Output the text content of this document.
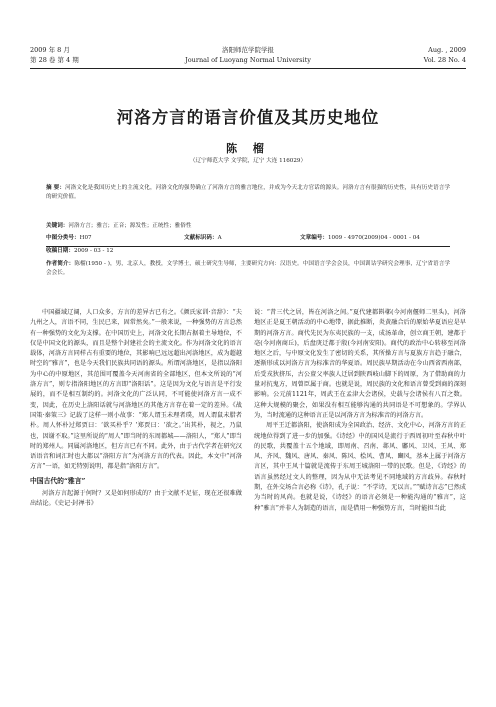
2009 年 8 月	洛阳师范学院学报	Aug. , 2009
第 28 卷 第 4 期	Journal of Luoyang Normal University	Vol. 28 No. 4
河洛方言的语言价值及其历史地位
陈 榴
（辽宁师范大学 文学院，辽宁 大连 116029）
摘 要：河洛文化是我国历史上的主流文化，河洛文化的强势确立了河洛方言的雅言地位，并成为今天北方官话的源头。河洛方言有很强的历史性，具有历史语言学的研究价值。
关键词：河洛方言；雅言；正音；源发性；正统性；雅俗性
中图分类号： H07	文献标识码： A	文章编号： 1009 - 4970(2009)04 - 0001 - 04
收稿日期： 2009 - 03 - 12
作者简介：陈榴(1950 - )，男，北京人，教授，文学博士，硕士研究生导师，主要研究方向：汉语史。中国语言学会会员，中国训诂学研究会理事，辽宁省语言学会会长。

中国疆域辽阔，人口众多，方言的差异古已有之。《颜氏家训·音辞》：“夫九州之人，言语不同，生民已来，固常然矣。”一般来说，一种强势的方言总然有一种强势的文化为支撑。在中国历史上，河洛文化长期占据着主导地位，不仅是中国文化的源头，而且是整个封建社会的主流文化。作为河洛文化的语言载体，河洛方言同样占有重要的地位，其影响已远远超出河洛地区，成为超越时空的“雅言”，也是今天我们民族共同语的源头。所谓河洛地区，是指以洛阳为中心的中原地区，其范围可覆盖今天河南省的全部地区，但本文所说的“河洛方言”，则专指洛阳地区的方言即“洛阳话”。这是因为文化与语言是平行发展的，而不是相互制约的。河洛文化的广泛认同，不可能使河洛方言一成不变，因此，在历史上洛阳话就与河洛地区的其他方言存在着一定的差异。《战国策·秦策三》记载了这样一则小故事：“郑人谓玉未理者璞，周人谓鼠未腊者朴。周人怀朴过郑贾曰：‘欲买朴乎？’郑贾曰：‘欲之。’出其朴，视之，乃鼠也，因谢不取。”这里所说的“周人”即当时的东周都城——洛阳人，“郑人”即当时的郑州人。同属河洛地区，但方言已有不同。此外，由于古代学者在研究汉语语音和词汇时也大都以“洛阳方言”为河洛方言的代表。因此，本文中“河洛方言”一语，如无特别说明，都是指“洛阳方言”。

中国古代的“雅言”

河洛方言起源于何时？又是如何形成的？由于文献不足征，现在还很难做出结论。《史记·封禅书》

说：“昔三代之居，皆在河洛之间。”夏代建都斟鄩(今河南偃师二里头)，河洛地区正是夏王朝活动的中心地带，据此推断，炎黄融合后的原始华夏语应是早期的河洛方言。商代先民为东夷民族的一支，成汤革命，创立商王朝，建都于亳(今河南商丘)，后盘庚迁都于殷(今河南安阳)。商代的政治中心转移至河洛地区之后，与中原文化发生了密切的关系，其所操方言与夏族方言趋于融合，逐渐形成以河洛方言为标准音的华夏语。周民族早期活动在今山西省西南部，后受戎狄挤压，古公亶父率族人迁居到陕西岐山脚下的周原，为了借助商的力量对抗鬼方，周曾臣属于商。也就是说，周民族的文化和语言曾受到商的深刻影响。公元前1121年，周武王在孟津大会诸侯，史载与会诸侯有八百之数。这种大规模的聚会，如果没有相互能够沟通的共同语是不可想象的。学界认为，当时流通的这种语言正是以河洛方言为标准音的河洛方言。

周平王迁都洛阳，使洛阳成为全国政治、经济、文化中心，河洛方言的正统地位得到了进一步的加强。《诗经》中的国风是流行于西周初叶至春秋中叶的民歌，共覆盖十五个地域，即周南、召南、邶风、鄘风、卫风、王风、郑风、齐风、魏风、唐风、秦风、陈风、桧风、曹风、豳风，基本上属于河洛方言区，其中王风十篇就是流传于东周王城洛阳一带的民歌。但是，《诗经》的语言虽然经过文人的整理，因为从中无法考见不同地域的方言歧异。春秋时期，在外交场合言必称《诗》，孔子说：“不学诗，无以言。”“赋诗言志”已然成为当时的风尚。也就是说，《诗经》的语言必须是一种能沟通的“雅言”，这种“雅言”并非人为制造的语言，而是借用一种强势方言，当时能担当此
